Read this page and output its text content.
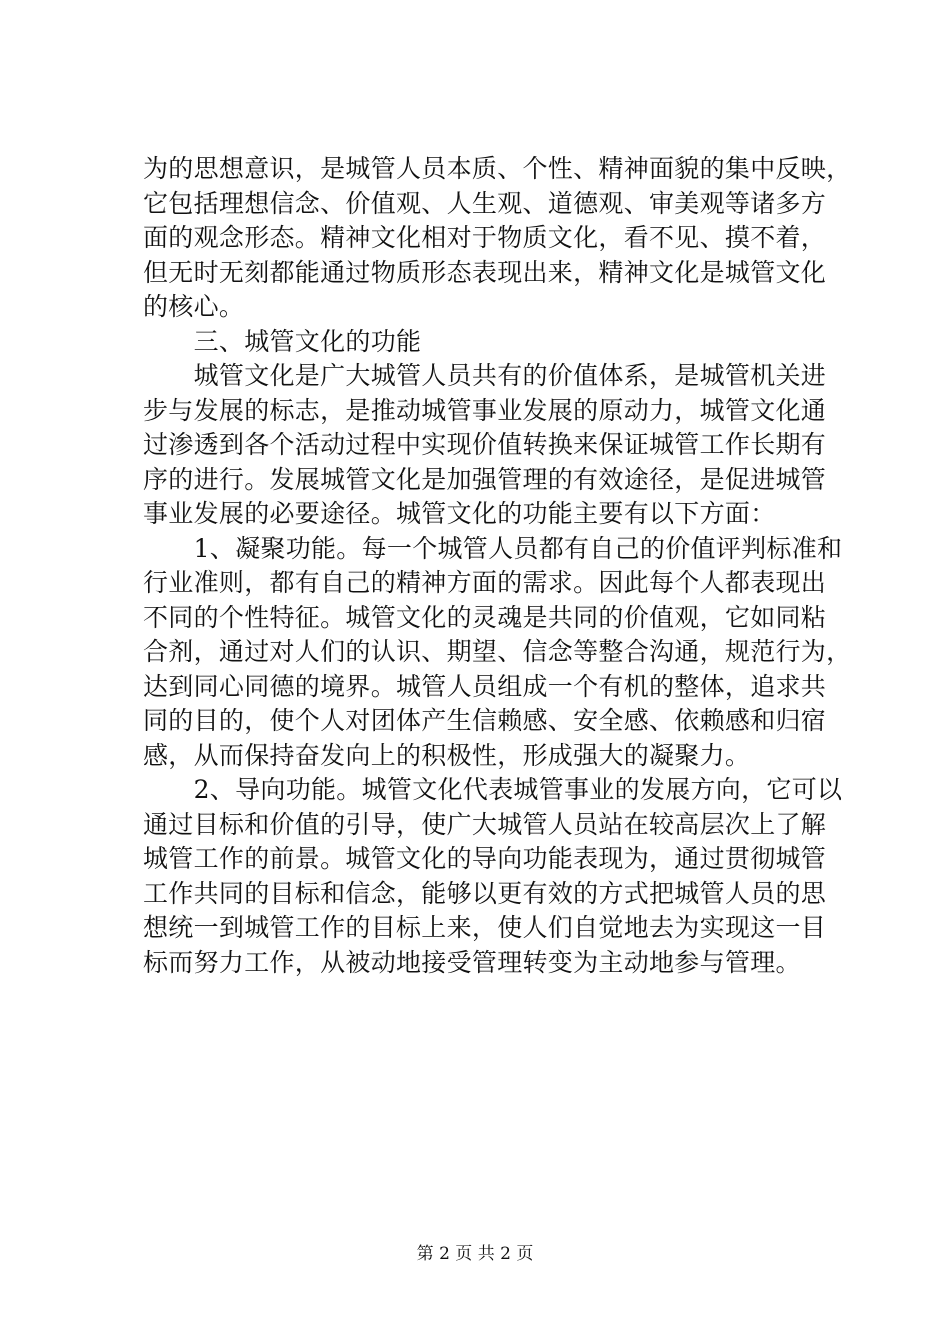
为的思想意识，是城管人员本质、个性、精神面貌的集中反映，
它包括理想信念、价值观、人生观、道德观、审美观等诸多方
面的观念形态。精神文化相对于物质文化，看不见、摸不着，
但无时无刻都能通过物质形态表现出来，精神文化是城管文化
的核心。
　　三、城管文化的功能
　　城管文化是广大城管人员共有的价值体系，是城管机关进
步与发展的标志，是推动城管事业发展的原动力，城管文化通
过渗透到各个活动过程中实现价值转换来保证城管工作长期有
序的进行。发展城管文化是加强管理的有效途径，是促进城管
事业发展的必要途径。城管文化的功能主要有以下方面：
　　1、凝聚功能。每一个城管人员都有自己的价值评判标准和
行业准则，都有自己的精神方面的需求。因此每个人都表现出
不同的个性特征。城管文化的灵魂是共同的价值观，它如同粘
合剂，通过对人们的认识、期望、信念等整合沟通，规范行为，
达到同心同德的境界。城管人员组成一个有机的整体，追求共
同的目的，使个人对团体产生信赖感、安全感、依赖感和归宿
感，从而保持奋发向上的积极性，形成强大的凝聚力。
　　2、导向功能。城管文化代表城管事业的发展方向，它可以
通过目标和价值的引导，使广大城管人员站在较高层次上了解
城管工作的前景。城管文化的导向功能表现为，通过贯彻城管
工作共同的目标和信念，能够以更有效的方式把城管人员的思
想统一到城管工作的目标上来，使人们自觉地去为实现这一目
标而努力工作，从被动地接受管理转变为主动地参与管理。
第 2 页 共 2 页
